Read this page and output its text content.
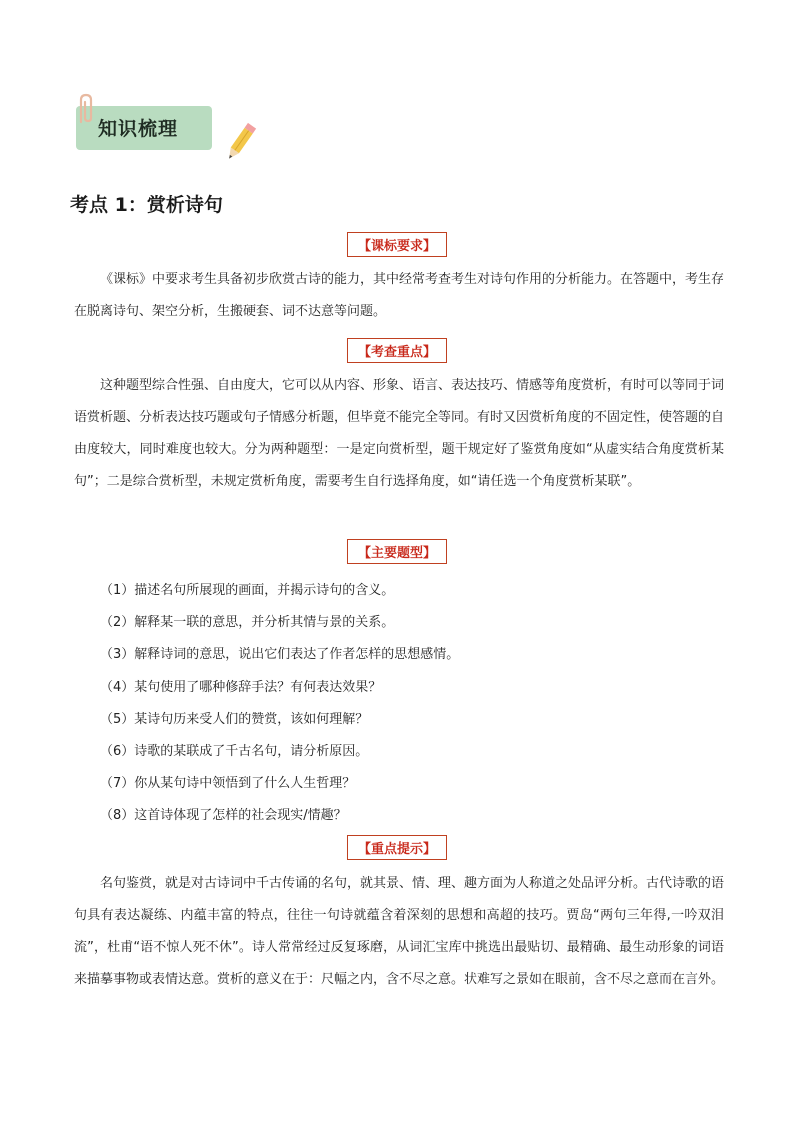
知识梳理
考点 1：赏析诗句
【课标要求】
《课标》中要求考生具备初步欣赏古诗的能力，其中经常考查考生对诗句作用的分析能力。在答题中，考生存在脱离诗句、架空分析，生搬硬套、词不达意等问题。
【考查重点】
这种题型综合性强、自由度大，它可以从内容、形象、语言、表达技巧、情感等角度赏析，有时可以等同于词语赏析题、分析表达技巧题或句子情感分析题，但毕竟不能完全等同。有时又因赏析角度的不固定性，使答题的自由度较大，同时难度也较大。分为两种题型：一是定向赏析型，题干规定好了鉴赏角度如“从虚实结合角度赏析某句”；二是综合赏析型，未规定赏析角度，需要考生自行选择角度，如“请任选一个角度赏析某联”。
【主要题型】
（1）描述名句所展现的画面，并揭示诗句的含义。
（2）解释某一联的意思，并分析其情与景的关系。
（3）解释诗词的意思，说出它们表达了作者怎样的思想感情。
（4）某句使用了哪种修辞手法？有何表达效果？
（5）某诗句历来受人们的赞赏，该如何理解？
（6）诗歌的某联成了千古名句，请分析原因。
（7）你从某句诗中领悟到了什么人生哲理？
（8）这首诗体现了怎样的社会现实/情趣？
【重点提示】
名句鉴赏，就是对古诗词中千古传诵的名句，就其景、情、理、趣方面为人称道之处品评分析。古代诗歌的语句具有表达凝练、内蕴丰富的特点，往往一句诗就蕴含着深刻的思想和高超的技巧。贾岛“两句三年得,一吟双泪流”，杜甫“语不惊人死不休”。诗人常常经过反复琢磨，从词汇宝库中挑选出最贴切、最精确、最生动形象的词语来描摹事物或表情达意。赏析的意义在于：尺幅之内，含不尽之意。状难写之景如在眼前，含不尽之意而在言外。
